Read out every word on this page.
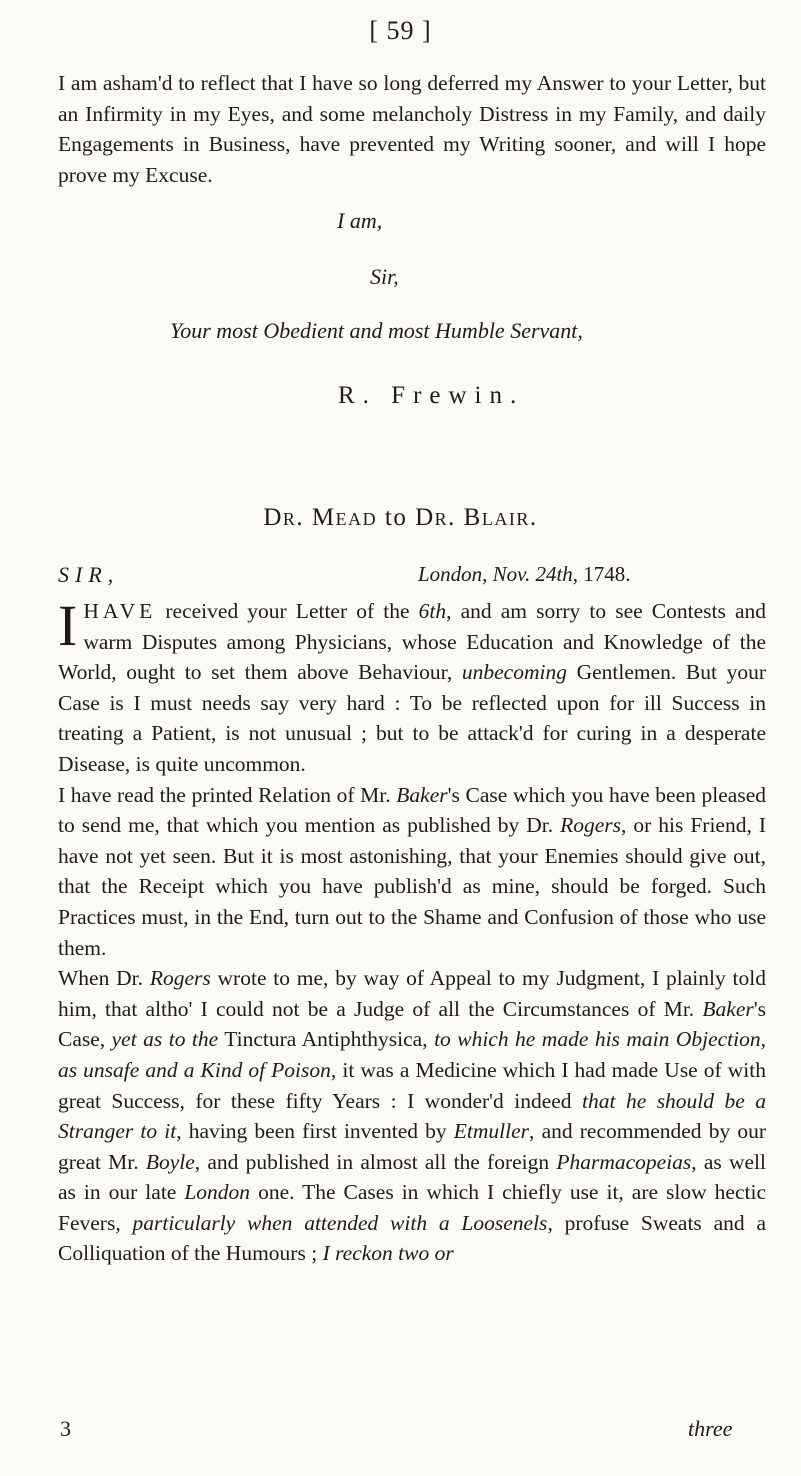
[ 59 ]
I am asham'd to reflect that I have so long deferred my Answer to your Letter, but an Infirmity in my Eyes, and some melancholy Distress in my Family, and daily Engagements in Business, have prevented my Writing sooner, and will I hope prove my Excuse.
I am,
Sir,
Your most Obedient and most Humble Servant,
R. Frewin.
Dr. Mead to Dr. Blair.
SIR,	London, Nov. 24th, 1748.
IHAVE received your Letter of the 6th, and am sorry to see Contests and warm Disputes among Physicians, whose Education and Knowledge of the World, ought to set them above Behaviour, unbecoming Gentlemen. But your Case is I must needs say very hard : To be reflected upon for ill Success in treating a Patient, is not unusual ; but to be attack'd for curing in a desperate Disease, is quite uncommon.
I have read the printed Relation of Mr. Baker's Case which you have been pleased to send me, that which you mention as published by Dr. Rogers, or his Friend, I have not yet seen. But it is most astonishing, that your Enemies should give out, that the Receipt which you have publish'd as mine, should be forged. Such Practices must, in the End, turn out to the Shame and Confusion of those who use them.
When Dr. Rogers wrote to me, by way of Appeal to my Judgment, I plainly told him, that altho' I could not be a Judge of all the Circumstances of Mr. Baker's Case, yet as to the Tinctura Antiphthysica, to which he made his main Objection, as unsafe and a Kind of Poison, it was a Medicine which I had made Use of with great Success, for these fifty Years : I wonder'd indeed that he should be a Stranger to it, having been first invented by Etmuller, and recommended by our great Mr. Boyle, and published in almost all the foreign Pharmacopeias, as well as in our late London one. The Cases in which I chiefly use it, are slow hectic Fevers, particularly when attended with a Loosenels, profuse Sweats and a Colliquation of the Humours ; I reckon two or
3	three
